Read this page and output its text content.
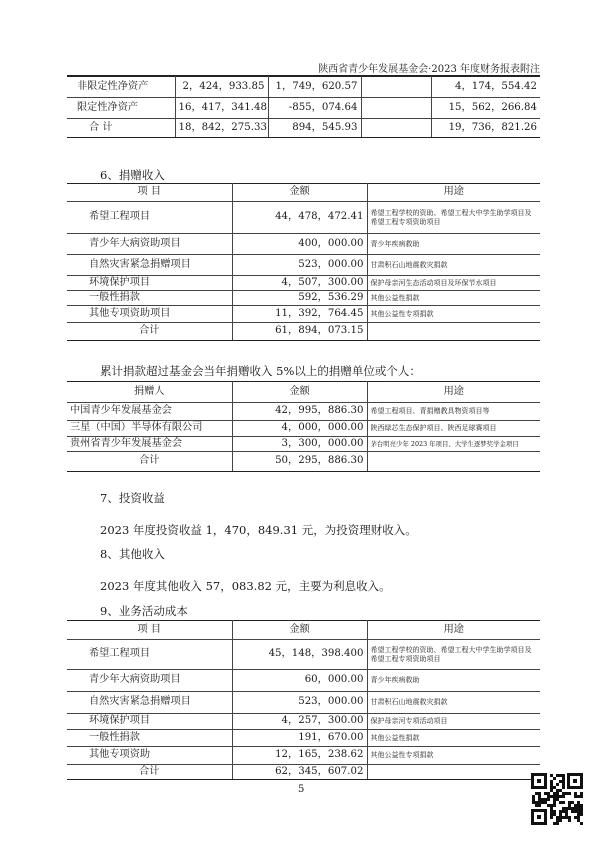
陕西省青少年发展基金会·2023 年度财务报表附注
非限定性净资产	2，424，933.85	1，749，620.57		4，174，554.42
限定性净资产	16，417，341.48	-855，074.64		15，562，266.84
合 计	18，842，275.33	894，545.93		19，736，821.26
6、捐赠收入
项 目	金额	用途
希望工程项目	44，478，472.41	希望工程学校的资助、希望工程大中学生助学项目及希望工程专项资助项目
青少年大病资助项目	400，000.00	青少年疾病救助
自然灾害紧急捐赠项目	523，000.00	甘肃积石山地震救灾捐款
环境保护项目	4，507，300.00	保护母亲河生态活动项目及环保节水项目
一般性捐款	592，536.29	其他公益性捐款
其他专项资助项目	11，392，764.45	其他公益性专项捐款
合计	61，894，073.15	
累计捐款超过基金会当年捐赠收入 5%以上的捐赠单位或个人：
捐赠人	金额	用途
中国青少年发展基金会	42，995，886.30	希望工程项目、青捐赠教具物资项目等
三星（中国）半导体有限公司	4，000，000.00	陕西绿芯生态保护项目、陕西足球赛项目
贵州省青少年发展基金会	3，300，000.00	茅台明亮少年 2023 年项目、大学生逐梦奖学金项目
合计	50，295，886.30	
7、投资收益
2023 年度投资收益 1，470，849.31 元，为投资理财收入。
8、其他收入
2023 年度其他收入 57，083.82 元，主要为利息收入。
9、业务活动成本
项 目	金额	用途
希望工程项目	45，148，398.400	希望工程学校的资助、希望工程大中学生助学项目及希望工程专项资助项目
青少年大病资助项目	60，000.00	青少年疾病救助
自然灾害紧急捐赠项目	523，000.00	甘肃积石山地震救灾捐款
环境保护项目	4，257，300.00	保护母亲河专项活动项目
一般性捐款	191，670.00	其他公益性捐款
其他专项资助	12，165，238.62	其他公益性专项捐款
合计	62，345，607.02	
5
